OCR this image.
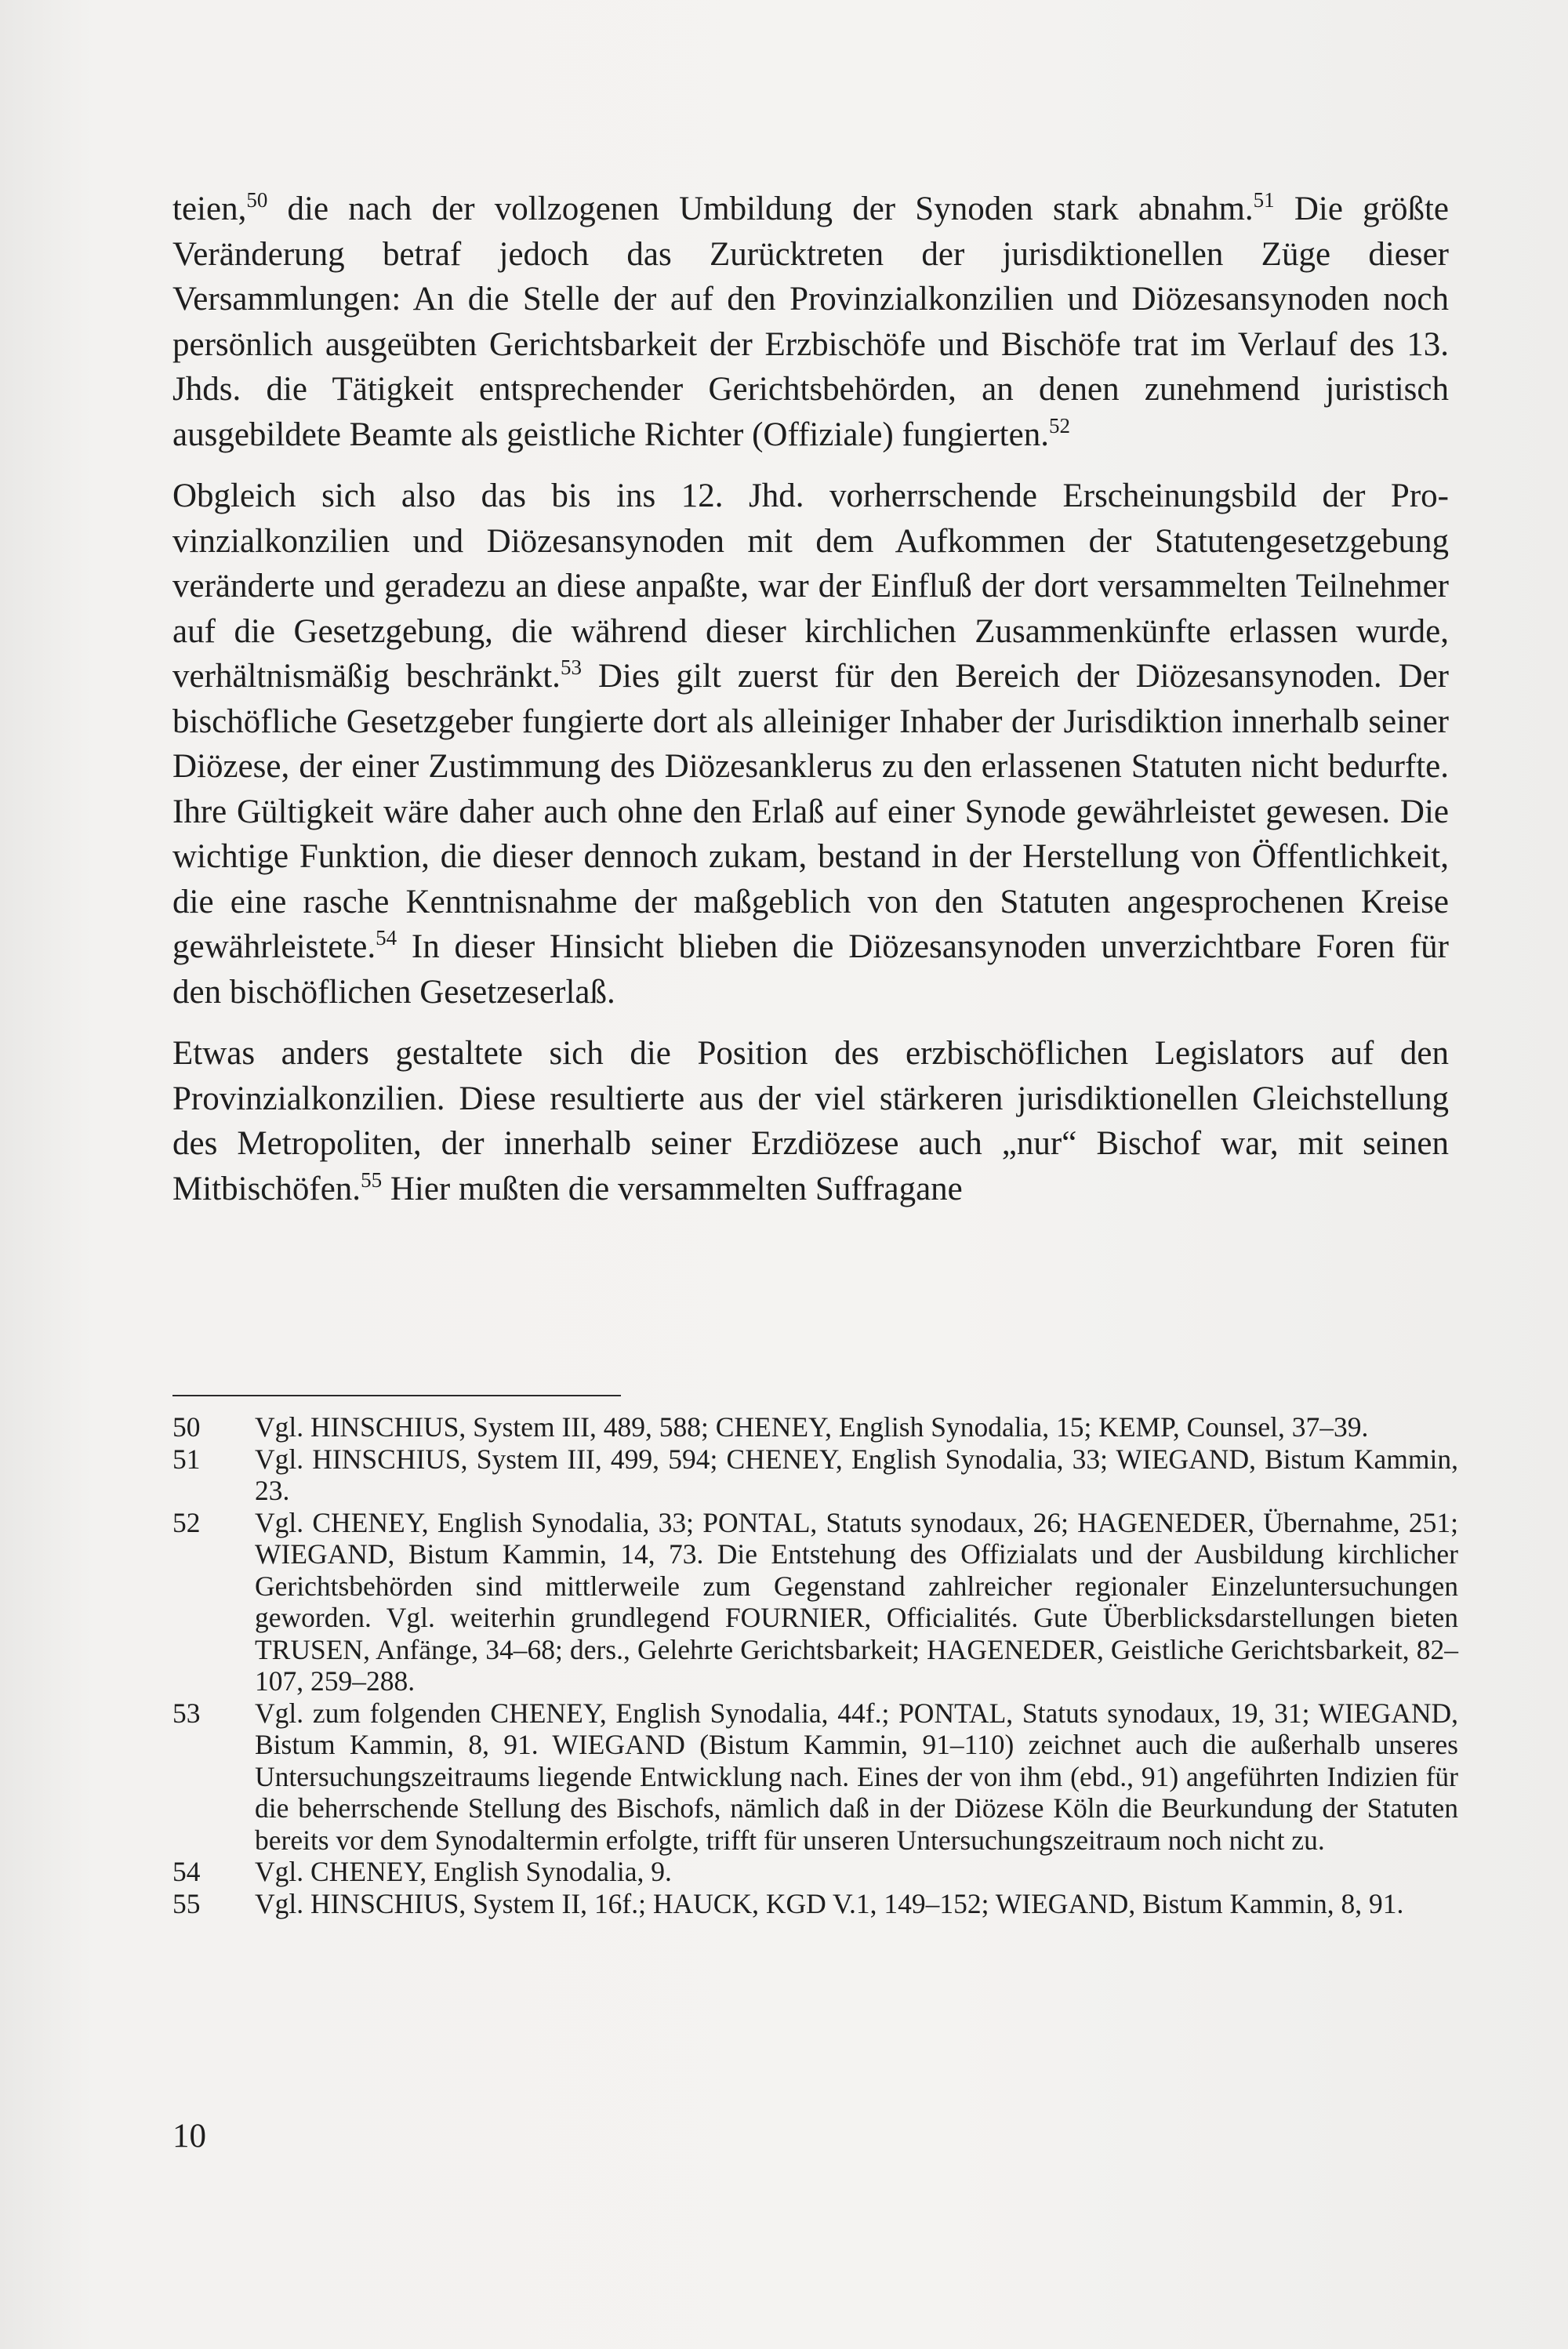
teien,$^{50}$ die nach der vollzogenen Umbildung der Synoden stark abnahm.$^{51}$ Die größte Veränderung betraf jedoch das Zurücktreten der jurisdiktionellen Züge dieser Versammlungen: An die Stelle der auf den Provinzialkonzilien und Diözesansynoden noch persönlich ausgeübten Gerichtsbarkeit der Erzbischöfe und Bischöfe trat im Verlauf des 13. Jhds. die Tätigkeit entsprechender Gerichtsbehörden, an denen zunehmend juristisch ausgebildete Beamte als geistliche Richter (Offiziale) fungierten.$^{52}$

Obgleich sich also das bis ins 12. Jhd. vorherrschende Erscheinungsbild der Provinzialkonzilien und Diözesansynoden mit dem Aufkommen der Statutengesetzgebung veränderte und geradezu an diese anpaßte, war der Einfluß der dort versammelten Teilnehmer auf die Gesetzgebung, die während dieser kirchlichen Zusammenkünfte erlassen wurde, verhältnismäßig beschränkt.$^{53}$ Dies gilt zuerst für den Bereich der Diözesansynoden. Der bischöfliche Gesetzgeber fungierte dort als alleiniger Inhaber der Jurisdiktion innerhalb seiner Diözese, der einer Zustimmung des Diözesanklerus zu den erlassenen Statuten nicht bedurfte. Ihre Gültigkeit wäre daher auch ohne den Erlaß auf einer Synode gewährleistet gewesen. Die wichtige Funktion, die dieser dennoch zukam, bestand in der Herstellung von Öffentlichkeit, die eine rasche Kenntnisnahme der maßgeblich von den Statuten angesprochenen Kreise gewährleistete.$^{54}$ In dieser Hinsicht blieben die Diözesansynoden unverzichtbare Foren für den bischöflichen Gesetzeserlaß.

Etwas anders gestaltete sich die Position des erzbischöflichen Legislators auf den Provinzialkonzilien. Diese resultierte aus der viel stärkeren jurisdiktionellen Gleichstellung des Metropoliten, der innerhalb seiner Erzdiözese auch „nur“ Bischof war, mit seinen Mitbischöfen.$^{55}$ Hier mußten die versammelten Suffragane

50	Vgl. HINSCHIUS, System III, 489, 588; CHENEY, English Synodalia, 15; KEMP, Counsel, 37–39.
51	Vgl. HINSCHIUS, System III, 499, 594; CHENEY, English Synodalia, 33; WIEGAND, Bistum Kammin, 23.
52	Vgl. CHENEY, English Synodalia, 33; PONTAL, Statuts synodaux, 26; HAGENEDER, Übernahme, 251; WIEGAND, Bistum Kammin, 14, 73. Die Entstehung des Offizialats und der Ausbildung kirchlicher Gerichtsbehörden sind mittlerweile zum Gegenstand zahlreicher regionaler Einzeluntersuchungen geworden. Vgl. weiterhin grundlegend FOURNIER, Officialités. Gute Überblicksdarstellungen bieten TRUSEN, Anfänge, 34–68; ders., Gelehrte Gerichtsbarkeit; HAGENEDER, Geistliche Gerichtsbarkeit, 82–107, 259–288.
53	Vgl. zum folgenden CHENEY, English Synodalia, 44f.; PONTAL, Statuts synodaux, 19, 31; WIEGAND, Bistum Kammin, 8, 91. WIEGAND (Bistum Kammin, 91–110) zeichnet auch die außerhalb unseres Untersuchungszeitraums liegende Entwicklung nach. Eines der von ihm (ebd., 91) angeführten Indizien für die beherrschende Stellung des Bischofs, nämlich daß in der Diözese Köln die Beurkundung der Statuten bereits vor dem Synodaltermin erfolgte, trifft für unseren Untersuchungszeitraum noch nicht zu.
54	Vgl. CHENEY, English Synodalia, 9.
55	Vgl. HINSCHIUS, System II, 16f.; HAUCK, KGD V.1, 149–152; WIEGAND, Bistum Kammin, 8, 91.
10
